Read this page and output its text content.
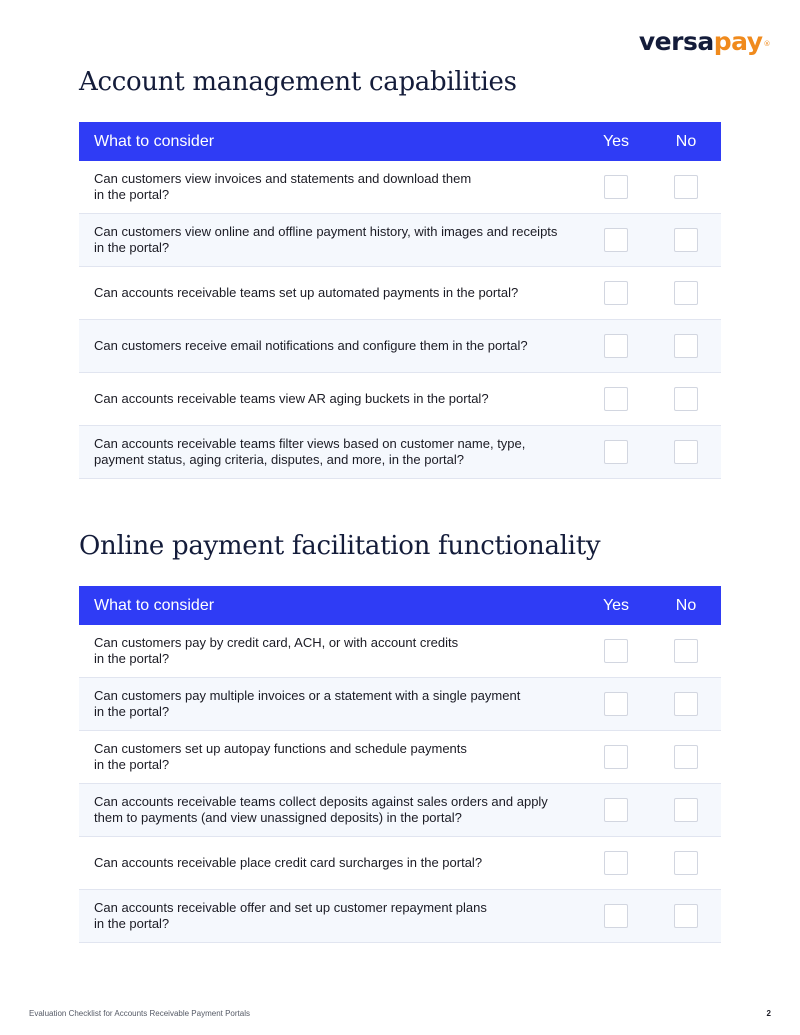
versapay®
Account management capabilities
What to consider	Yes	No
Can customers view invoices and statements and download them
in the portal?
Can customers view online and offline payment history, with images and receipts in the portal?
Can accounts receivable teams set up automated payments in the portal?
Can customers receive email notifications and configure them in the portal?
Can accounts receivable teams view AR aging buckets in the portal?
Can accounts receivable teams filter views based on customer name, type, payment status, aging criteria, disputes, and more, in the portal?
Online payment facilitation functionality
What to consider	Yes	No
Can customers pay by credit card, ACH, or with account credits
in the portal?
Can customers pay multiple invoices or a statement with a single payment
in the portal?
Can customers set up autopay functions and schedule payments
in the portal?
Can accounts receivable teams collect deposits against sales orders and apply them to payments (and view unassigned deposits) in the portal?
Can accounts receivable place credit card surcharges in the portal?
Can accounts receivable offer and set up customer repayment plans
in the portal?
Evaluation Checklist for Accounts Receivable Payment Portals	2
